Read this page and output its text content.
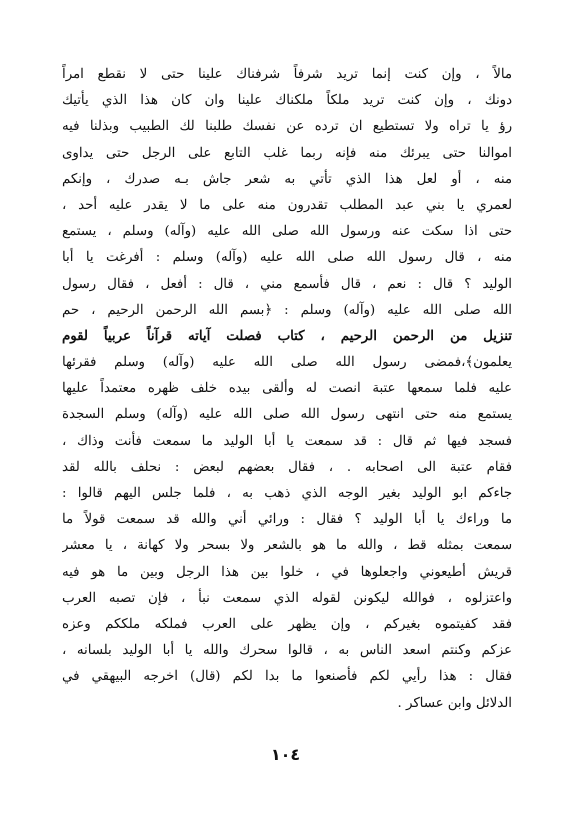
مالاً ، وإن كنت إنما تريد شرفاً شرفناك علينا حتى لا نقطع امراً
دونك ، وإن كنت تريد ملكاً ملكناك علينا وان كان هذا الذي يأتيك
رؤ يا تراه ولا تستطيع ان ترده عن نفسك طلبنا لك الطبيب وبذلنا فيه
اموالنا حتى يبرئك منه فإنه ربما غلب التابع على الرجل حتى يداوى
منه ، أو لعل هذا الذي تأتي به شعر جاش بـه صدرك ، وإنكم
لعمري يا بني عبد المطلب تقدرون منه على ما لا يقدر عليه أحد ،
حتى اذا سكت عنه ورسول الله صلى الله عليه (وآله) وسلم ، يستمع
منه ، قال رسول الله صلى الله عليه (وآله) وسلم : أفرغت يا أبا
الوليد ؟ قال : نعم ، قال فأسمع مني ، قال : أفعل ، فقال رسول
الله صلى الله عليه (وآله) وسلم : ﴿بسم الله الرحمن الرحيم ، حم
تنزيل من الرحمن الرحيم ، كتاب فصلت آياته قرآناً عربياً لقوم
يعلمون﴾،فمضى رسول الله صلى الله عليه (وآله) وسلم فقرئها
عليه فلما سمعها عتبة انصت له وألقى بيده خلف ظهره معتمداً عليها
يستمع منه حتى انتهى رسول الله صلى الله عليه (وآله) وسلم السجدة
فسجد فيها ثم قال : قد سمعت يا أبا الوليد ما سمعت فأنت وذاك ،
فقام عتبة الى اصحابه . ، فقال بعضهم لبعض : نحلف بالله لقد
جاءكم ابو الوليد بغير الوجه الذي ذهب به ، فلما جلس اليهم قالوا :
ما وراءك يا أبا الوليد ؟ فقال : ورائي أني والله قد سمعت قولاً ما
سمعت بمثله قط ، والله ما هو بالشعر ولا بسحر ولا كهانة ، يا معشر
قريش أطيعوني واجعلوها في ، خلوا بين هذا الرجل وبين ما هو فيه
واعتزلوه ، فوالله ليكونن لقوله الذي سمعت نبأ ، فإن تصبه العرب
فقد كفيتموه بغيركم ، وإن يظهر على العرب فملكه ملككم وعزه
عزكم وكنتم اسعد الناس به ، قالوا سحرك والله يا أبا الوليد بلسانه ،
فقال : هذا رأيي لكم فأصنعوا ما بدا لكم (قال) اخرجه البيهقي في
الدلائل وابن عساكر .
١٠٤
